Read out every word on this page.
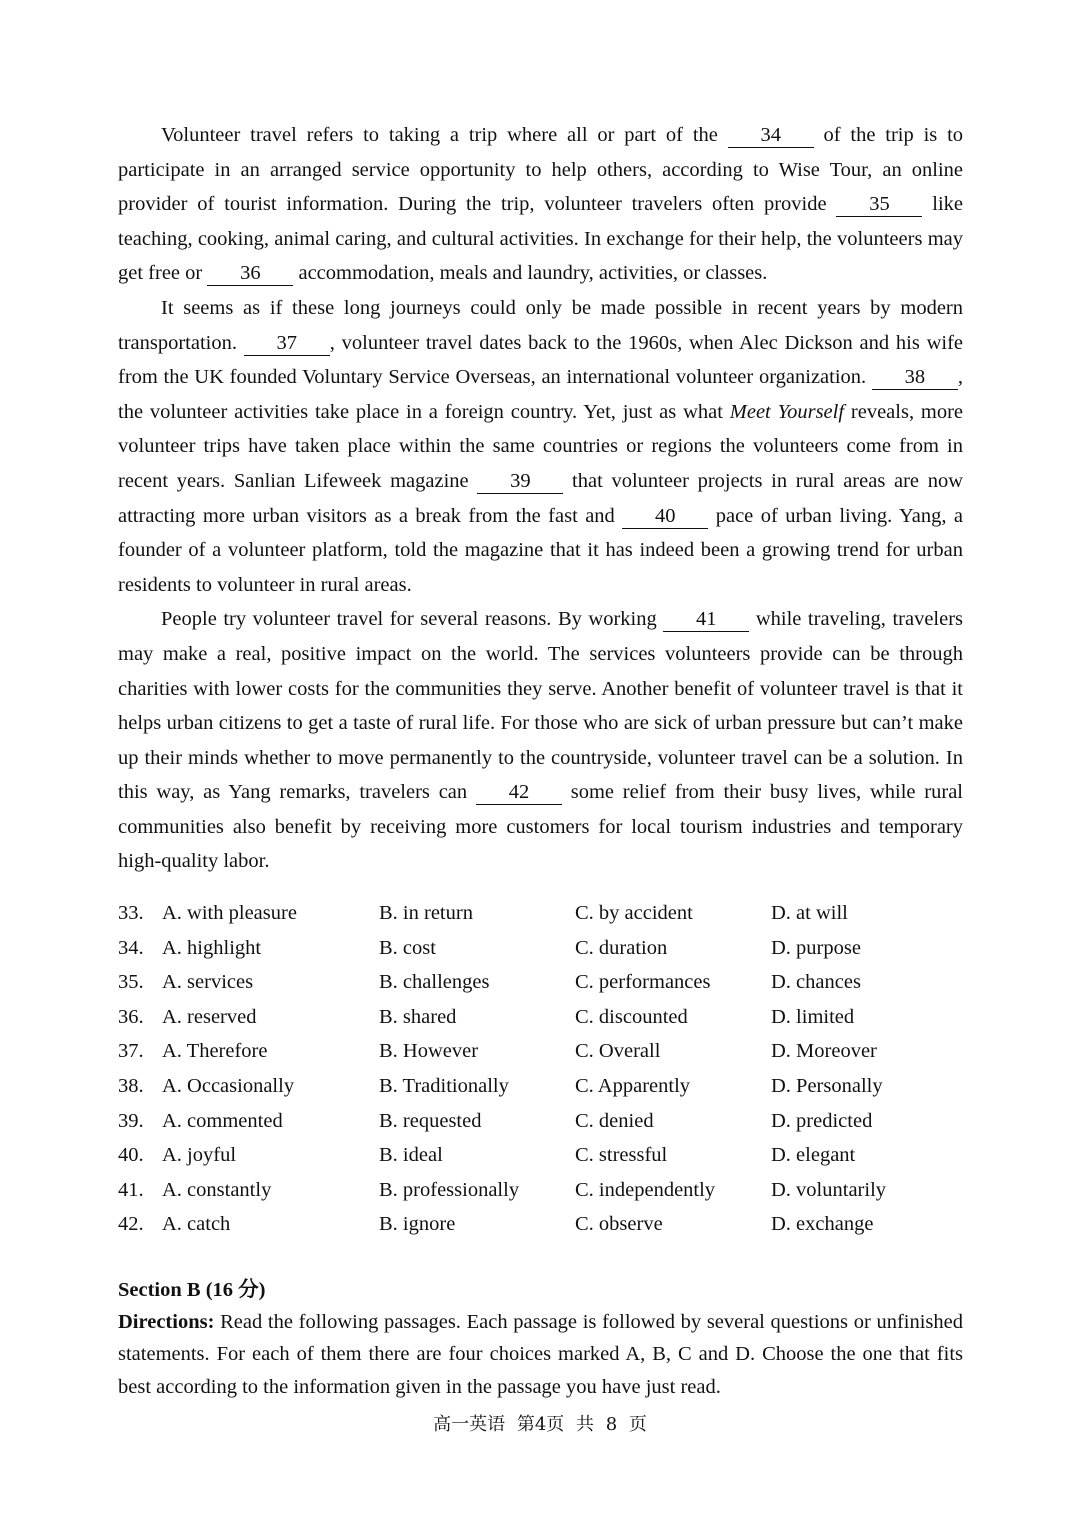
Volunteer travel refers to taking a trip where all or part of the 34 of the trip is to participate in an arranged service opportunity to help others, according to Wise Tour, an online provider of tourist information. During the trip, volunteer travelers often provide 35 like teaching, cooking, animal caring, and cultural activities. In exchange for their help, the volunteers may get free or 36 accommodation, meals and laundry, activities, or classes.

It seems as if these long journeys could only be made possible in recent years by modern transportation. 37 , volunteer travel dates back to the 1960s, when Alec Dickson and his wife from the UK founded Voluntary Service Overseas, an international volunteer organization. 38 , the volunteer activities take place in a foreign country. Yet, just as what Meet Yourself reveals, more volunteer trips have taken place within the same countries or regions the volunteers come from in recent years. Sanlian Lifeweek magazine 39 that volunteer projects in rural areas are now attracting more urban visitors as a break from the fast and 40 pace of urban living. Yang, a founder of a volunteer platform, told the magazine that it has indeed been a growing trend for urban residents to volunteer in rural areas.

People try volunteer travel for several reasons. By working 41 while traveling, travelers may make a real, positive impact on the world. The services volunteers provide can be through charities with lower costs for the communities they serve. Another benefit of volunteer travel is that it helps urban citizens to get a taste of rural life. For those who are sick of urban pressure but can’t make up their minds whether to move permanently to the countryside, volunteer travel can be a solution. In this way, as Yang remarks, travelers can 42 some relief from their busy lives, while rural communities also benefit by receiving more customers for local tourism industries and temporary high-quality labor.

33. A. with pleasure	B. in return	C. by accident	D. at will
34. A. highlight	B. cost	C. duration	D. purpose
35. A. services	B. challenges	C. performances	D. chances
36. A. reserved	B. shared	C. discounted	D. limited
37. A. Therefore	B. However	C. Overall	D. Moreover
38. A. Occasionally	B. Traditionally	C. Apparently	D. Personally
39. A. commented	B. requested	C. denied	D. predicted
40. A. joyful	B. ideal	C. stressful	D. elegant
41. A. constantly	B. professionally	C. independently	D. voluntarily
42. A. catch	B. ignore	C. observe	D. exchange

Section B (16 分)

Directions: Read the following passages. Each passage is followed by several questions or unfinished statements. For each of them there are four choices marked A, B, C and D. Choose the one that fits best according to the information given in the passage you have just read.

高一英语 第4页 共 8 页
